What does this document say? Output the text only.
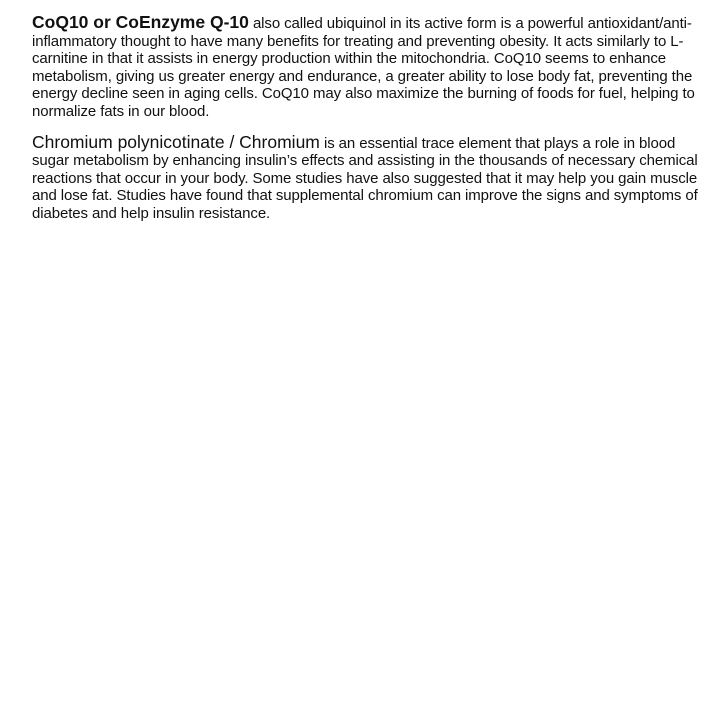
CoQ10 or CoEnzyme Q-10 also called ubiquinol in its active form is a powerful antioxidant/anti-inflammatory thought to have many benefits for treating and preventing obesity. It acts similarly to L-carnitine in that it assists in energy production within the mitochondria. CoQ10 seems to enhance metabolism, giving us greater energy and endurance, a greater ability to lose body fat, preventing the energy decline seen in aging cells. CoQ10 may also maximize the burning of foods for fuel, helping to normalize fats in our blood.

Chromium polynicotinate / Chromium is an essential trace element that plays a role in blood sugar metabolism by enhancing insulin’s effects and assisting in the thousands of necessary chemical reactions that occur in your body. Some studies have also suggested that it may help you gain muscle and lose fat. Studies have found that supplemental chromium can improve the signs and symptoms of diabetes and help insulin resistance.
